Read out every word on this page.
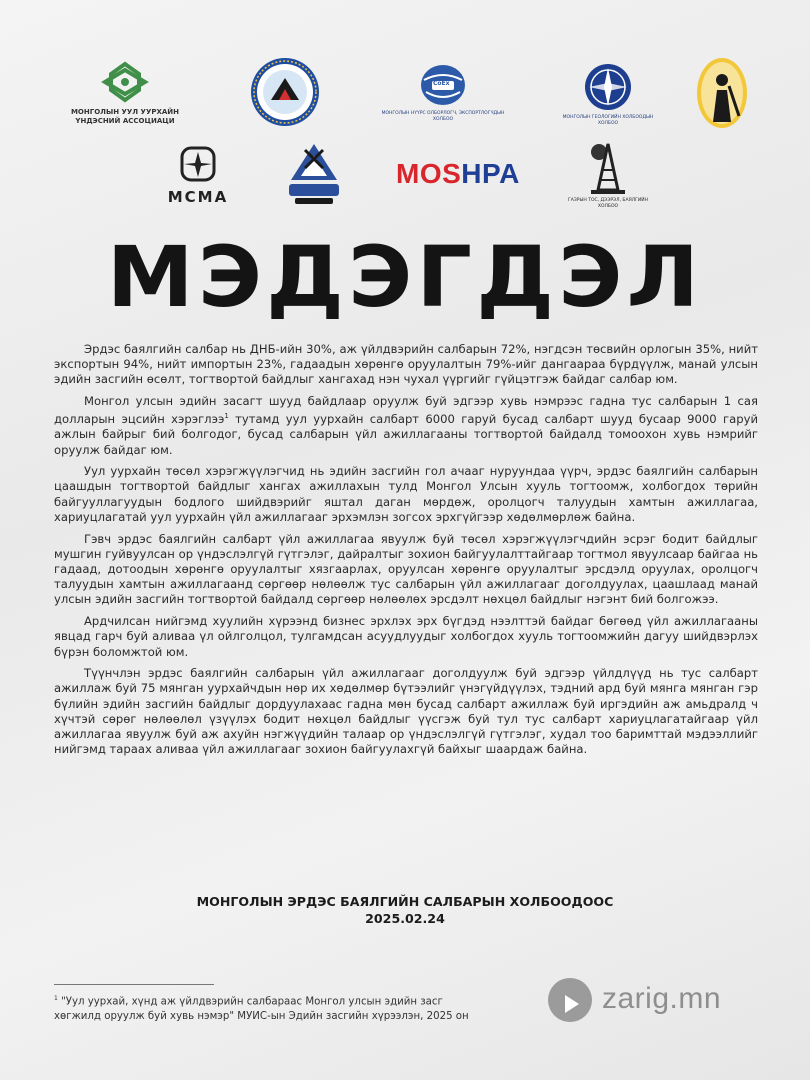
МОНГОЛЫН УУЛ УУРХАЙН
ҮНДЭСНИЙ АССОЦИАЦИ
CoEx
МОНГОЛЫН НҮҮРС ОЛБОРЛОГЧ, ЭКСПОРТЛОГЧДЫН
ХОЛБОО	МОНГОЛЫН ГЕОЛОГИЙН ХОЛБООДЫН
ХОЛБОО
МСМА
MOSHPA
ГАЗРЫН ТОС, ДЭЭРЭЛ, БАЯЛГИЙН
ХОЛБОО
МЭДЭГДЭЛ

Эрдэс баялгийн салбар нь ДНБ-ийн 30%, аж үйлдвэрийн салбарын 72%, нэгдсэн төсвийн орлогын 35%, нийт экспортын 94%, нийт импортын 23%, гадаадын хөрөнгө оруулалтын 79%-ийг дангаараа бүрдүүлж, манай улсын эдийн засгийн өсөлт, тогтвортой байдлыг хангахад нэн чухал үүргийг гүйцэтгэж байдаг салбар юм.

Монгол улсын эдийн засагт шууд байдлаар оруулж буй эдгээр хувь нэмрээс гадна тус салбарын 1 сая долларын эцсийн хэрэглээ$^1$ тутамд уул уурхайн салбарт 6000 гаруй бусад салбарт шууд бусаар 9000 гаруй ажлын байрыг бий болгодог, бусад салбарын үйл ажиллагааны тогтвортой байдалд томоохон хувь нэмрийг оруулж байдаг юм.

Уул уурхайн төсөл хэрэгжүүлэгчид нь эдийн засгийн гол ачааг нуруундаа үүрч, эрдэс баялгийн салбарын цаашдын тогтвортой байдлыг хангах ажиллахын тулд Монгол Улсын хууль тогтоомж, холбогдох төрийн байгууллагуудын бодлого шийдвэрийг яштал даган мөрдөж, оролцогч талуудын хамтын ажиллагаа, хариуцлагатай уул уурхайн үйл ажиллагааг эрхэмлэн зогсох эрхгүйгээр хөдөлмөрлөж байна.

Гэвч эрдэс баялгийн салбарт үйл ажиллагаа явуулж буй төсөл хэрэгжүүлэгчдийн эсрэг бодит байдлыг мушгин гуйвуулсан ор үндэслэлгүй гүтгэлэг, дайралтыг зохион байгуулалттайгаар тогтмол явуулсаар байгаа нь гадаад, дотоодын хөрөнгө оруулалтыг хязгаарлах, оруулсан хөрөнгө оруулалтыг эрсдэлд оруулах, оролцогч талуудын хамтын ажиллагаанд сөргөөр нөлөөлж тус салбарын үйл ажиллагааг доголдуулах, цаашлаад манай улсын эдийн засгийн тогтвортой байдалд сөргөөр нөлөөлөх эрсдэлт нөхцөл байдлыг нэгэнт бий болгожээ.

Ардчилсан нийгэмд хуулийн хүрээнд бизнес эрхлэх эрх бүгдэд нээлттэй байдаг бөгөөд үйл ажиллагааны явцад гарч буй аливаа үл ойлголцол, тулгамдсан асуудлуудыг холбогдох хууль тогтоомжийн дагуу шийдвэрлэх бүрэн боломжтой юм.

Түүнчлэн эрдэс баялгийн салбарын үйл ажиллагааг доголдуулж буй эдгээр үйлдлүүд нь тус салбарт ажиллаж буй 75 мянган уурхайчдын нөр их хөдөлмөр бүтээлийг үнэгүйдүүлэх, тэдний ард буй мянга мянган гэр бүлийн эдийн засгийн байдлыг дордуулахаас гадна мөн бусад салбарт ажиллаж буй иргэдийн аж амьдралд ч хүчтэй сөрөг нөлөөлөл үзүүлэх бодит нөхцөл байдлыг үүсгэж буй тул тус салбарт хариуцлагатайгаар үйл ажиллагаа явуулж буй аж ахуйн нэгжүүдийн талаар ор үндэслэлгүй гүтгэлэг, худал тоо баримттай мэдээллийг нийгэмд тараах аливаа үйл ажиллагааг зохион байгуулахгүй байхыг шаардаж байна.

МОНГОЛЫН ЭРДЭС БАЯЛГИЙН САЛБАРЫН ХОЛБООДООС
2025.02.24
$^1$ "Уул уурхай, хүнд аж үйлдвэрийн салбараас Монгол улсын эдийн засг
хөгжилд оруулж буй хувь нэмэр" МУИС-ын Эдийн засгийн хүрээлэн, 2025 он
zarig.mn
